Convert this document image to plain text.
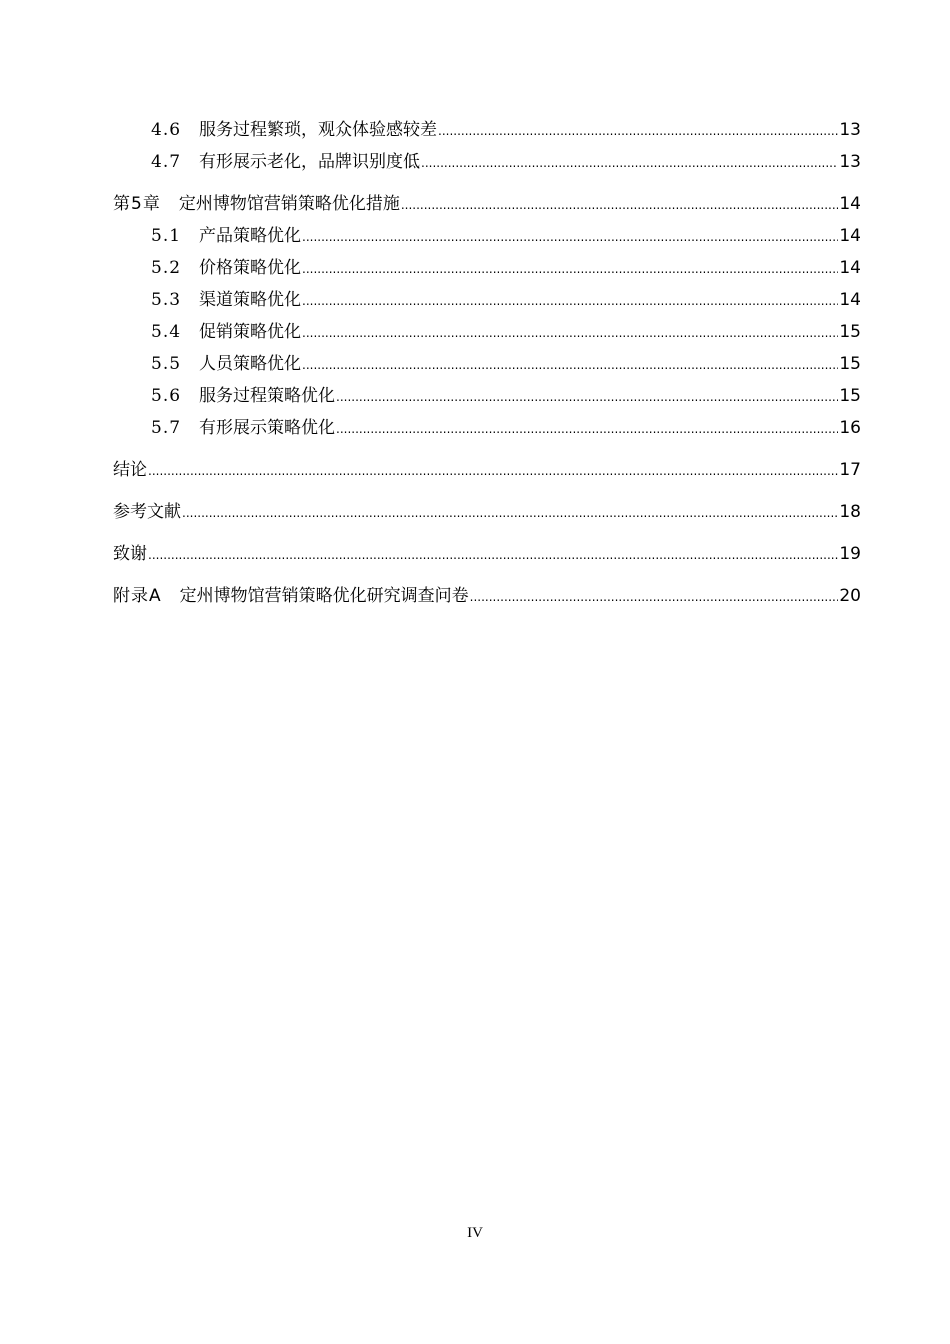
4.6	服务过程繁琐，观众体验感较差 .....	13
4.7	有形展示老化，品牌识别度低 .....	13
第5章	定州博物馆营销策略优化措施 .....	14
5.1	产品策略优化 .....	14
5.2	价格策略优化 .....	14
5.3	渠道策略优化 .....	14
5.4	促销策略优化 .....	15
5.5	人员策略优化 .....	15
5.6	服务过程策略优化 .....	15
5.7	有形展示策略优化 .....	16
结论 .....	17
参考文献 .....	18
致谢 .....	19
附录A	定州博物馆营销策略优化研究调查问卷 .....	20
IV
